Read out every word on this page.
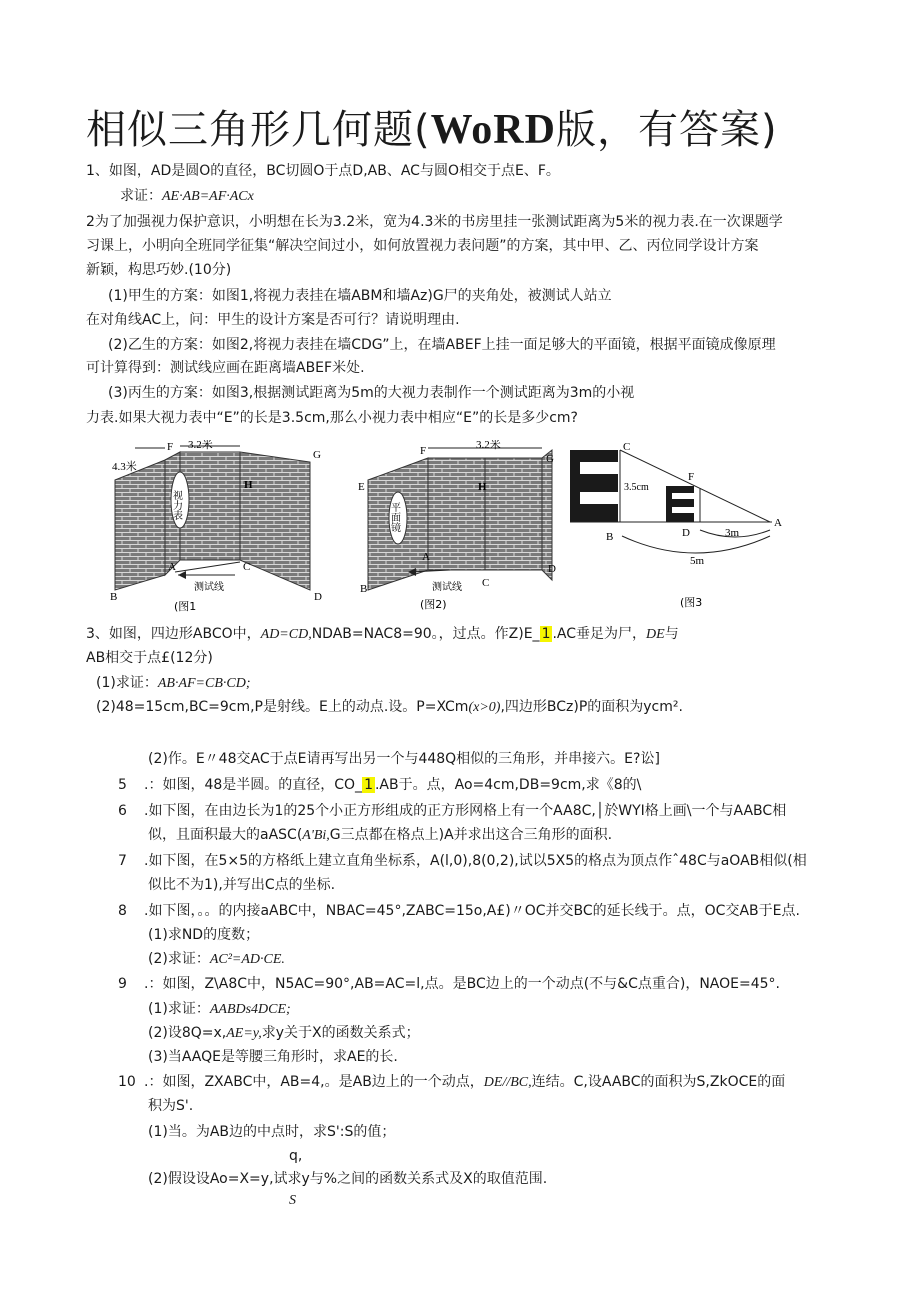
相似三角形几何题(WoRD版，有答案)
1、如图，AD是圆O的直径，BC切圆O于点D,AB、AC与圆O相交于点E、F。
求证：AE·AB=AF·ACx
2为了加强视力保护意识，小明想在长为3.2米，宽为4.3米的书房里挂一张测试距离为5米的视力表.在一次课题学
习课上，小明向全班同学征集“解决空间过小，如何放置视力表问题”的方案，其中甲、乙、丙位同学设计方案
新颖，构思巧妙.(10分)
(1)甲生的方案：如图1,将视力表挂在墙ABM和墙Az)G尸的夹角处，被测试人站立
在对角线AC上，问：甲生的设计方案是否可行？请说明理由.
(2)乙生的方案：如图2,将视力表挂在墙CDG”上，在墙ABEF上挂一面足够大的平面镜，根据平面镜成像原理
可计算得到：测试线应画在距离墙ABEF米处.
(3)丙生的方案：如图3,根据测试距离为5m的大视力表制作一个测试距离为3m的小视
力表.如果大视力表中“E”的长是3.5cm,那么小视力表中相应“E”的长是多少cm?
3.2米
4.3米
F
G
H
A
B
C
D
视力表
测试线
(图1
3.2米
E
F
G
H
A
B	C
D
平面镜
测试线
(图2)
C
F
D
B
A
3.5cm
3m
5m
(图3
3、如图，四边形ABCO中，AD=CD,NDAB=NAC8=90。，过点。作Z)E_ 1 .AC垂足为尸，DE与
AB相交于点£(12分)
(1)求证：AB·AF=CB·CD;
(2)48=15cm,BC=9cm,P是射线。E上的动点.设。P=XCm(x>0),四边形BCz)P的面积为ycm².
(2)作。E〃48交AC于点E请再写出另一个与448Q相似的三角形，并串接六。E?讼]
5 .：如图，48是半圆。的直径，CO_ 1 .AB于。点，Ao=4cm,DB=9cm,求《8的\
6 .如下图，在由边长为1的25个小正方形组成的正方形网格上有一个AA8C,│於WYI格上画\一个与AABC相
似，且面积最大的aASC(A'Bi,G三点都在格点上)A并求出这合三角形的面积.
7 .如下图，在5×5的方格纸上建立直角坐标系，A(l,0),8(0,2),试以5X5的格点为顶点作ˆ48C与aOAB相似(相
似比不为1),并写出C点的坐标.
8 .如下图，。。的内接aABC中，NBAC=45°,ZABC=15o,A£)〃OC并交BC的延长线于。点，OC交AB于E点.
(1)求ND的度数；
(2)求证：AC²=AD·CE.
9 .：如图，Z\A8C中，N5AC=90°,AB=AC=l,点。是BC边上的一个动点(不与&C点重合)，NAOE=45°.
(1)求证：AABDs4DCE;
(2)设8Q=x,AE=y,求y关于X的函数关系式；
(3)当AAQE是等腰三角形时，求AE的长.
10 .：如图，ZXABC中，AB=4,。是AB边上的一个动点，DE//BC,连结。C,设AABC的面积为S,ZkOCE的面
积为S'.
(1)当。为AB边的中点时，求S':S的值；
q,
(2)假设设Ao=X=y,试求y与%之间的函数关系式及X的取值范围.
S
